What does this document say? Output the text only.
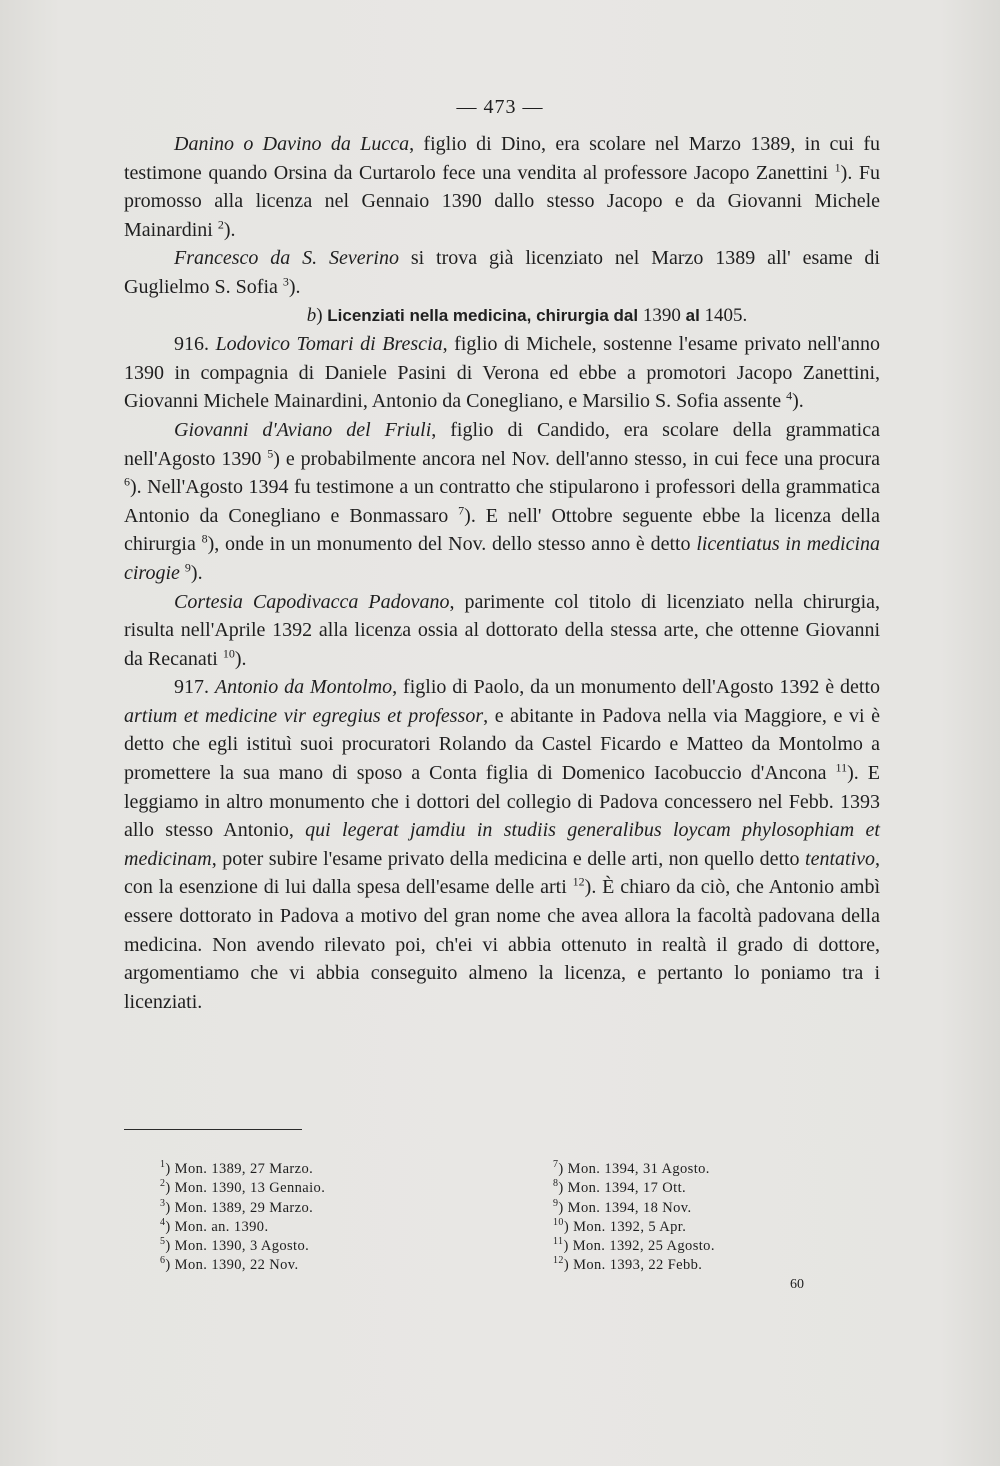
— 473 —

Danino o Davino da Lucca, figlio di Dino, era scolare nel Marzo 1389, in cui fu testimone quando Orsina da Curtarolo fece una vendita al professore Jacopo Zanettini $^1$). Fu promosso alla licenza nel Gennaio 1390 dallo stesso Jacopo e da Giovanni Michele Mainardini $^2$).

Francesco da S. Severino si trova già licenziato nel Marzo 1389 all' esame di Guglielmo S. Sofia $^3$).

b) Licenziati nella medicina, chirurgia dal 1390 al 1405.

916. Lodovico Tomari di Brescia, figlio di Michele, sostenne l'esame privato nell'anno 1390 in compagnia di Daniele Pasini di Verona ed ebbe a promotori Jacopo Zanettini, Giovanni Michele Mainardini, Antonio da Conegliano, e Marsilio S. Sofia assente $^4$).

Giovanni d'Aviano del Friuli, figlio di Candido, era scolare della grammatica nell'Agosto 1390 $^5$) e probabilmente ancora nel Nov. dell'anno stesso, in cui fece una procura $^6$). Nell'Agosto 1394 fu testimone a un contratto che stipularono i professori della grammatica Antonio da Conegliano e Bonmassaro $^7$). E nell' Ottobre seguente ebbe la licenza della chirurgia $^8$), onde in un monumento del Nov. dello stesso anno è detto licentiatus in medicina cirogie $^9$).

Cortesia Capodivacca Padovano, parimente col titolo di licenziato nella chirurgia, risulta nell'Aprile 1392 alla licenza ossia al dottorato della stessa arte, che ottenne Giovanni da Recanati $^{10}$).

917. Antonio da Montolmo, figlio di Paolo, da un monumento dell'Agosto 1392 è detto artium et medicine vir egregius et professor, e abitante in Padova nella via Maggiore, e vi è detto che egli istituì suoi procuratori Rolando da Castel Ficardo e Matteo da Montolmo a promettere la sua mano di sposo a Conta figlia di Domenico Iacobuccio d'Ancona $^{11}$). E leggiamo in altro monumento che i dottori del collegio di Padova concessero nel Febb. 1393 allo stesso Antonio, qui legerat jamdiu in studiis generalibus loycam phylosophiam et medicinam, poter subire l'esame privato della medicina e delle arti, non quello detto tentativo, con la esenzione di lui dalla spesa dell'esame delle arti $^{12}$). È chiaro da ciò, che Antonio ambì essere dottorato in Padova a motivo del gran nome che avea allora la facoltà padovana della medicina. Non avendo rilevato poi, ch'ei vi abbia ottenuto in realtà il grado di dottore, argomentiamo che vi abbia conseguito almeno la licenza, e pertanto lo poniamo tra i licenziati.

$^1$) Mon. 1389, 27 Marzo.
$^2$) Mon. 1390, 13 Gennaio.
$^3$) Mon. 1389, 29 Marzo.
$^4$) Mon. an. 1390.
$^5$) Mon. 1390, 3 Agosto.
$^6$) Mon. 1390, 22 Nov.
$^7$) Mon. 1394, 31 Agosto.
$^8$) Mon. 1394, 17 Ott.
$^9$) Mon. 1394, 18 Nov.
$^{10}$) Mon. 1392, 5 Apr.
$^{11}$) Mon. 1392, 25 Agosto.
$^{12}$) Mon. 1393, 22 Febb.
60
